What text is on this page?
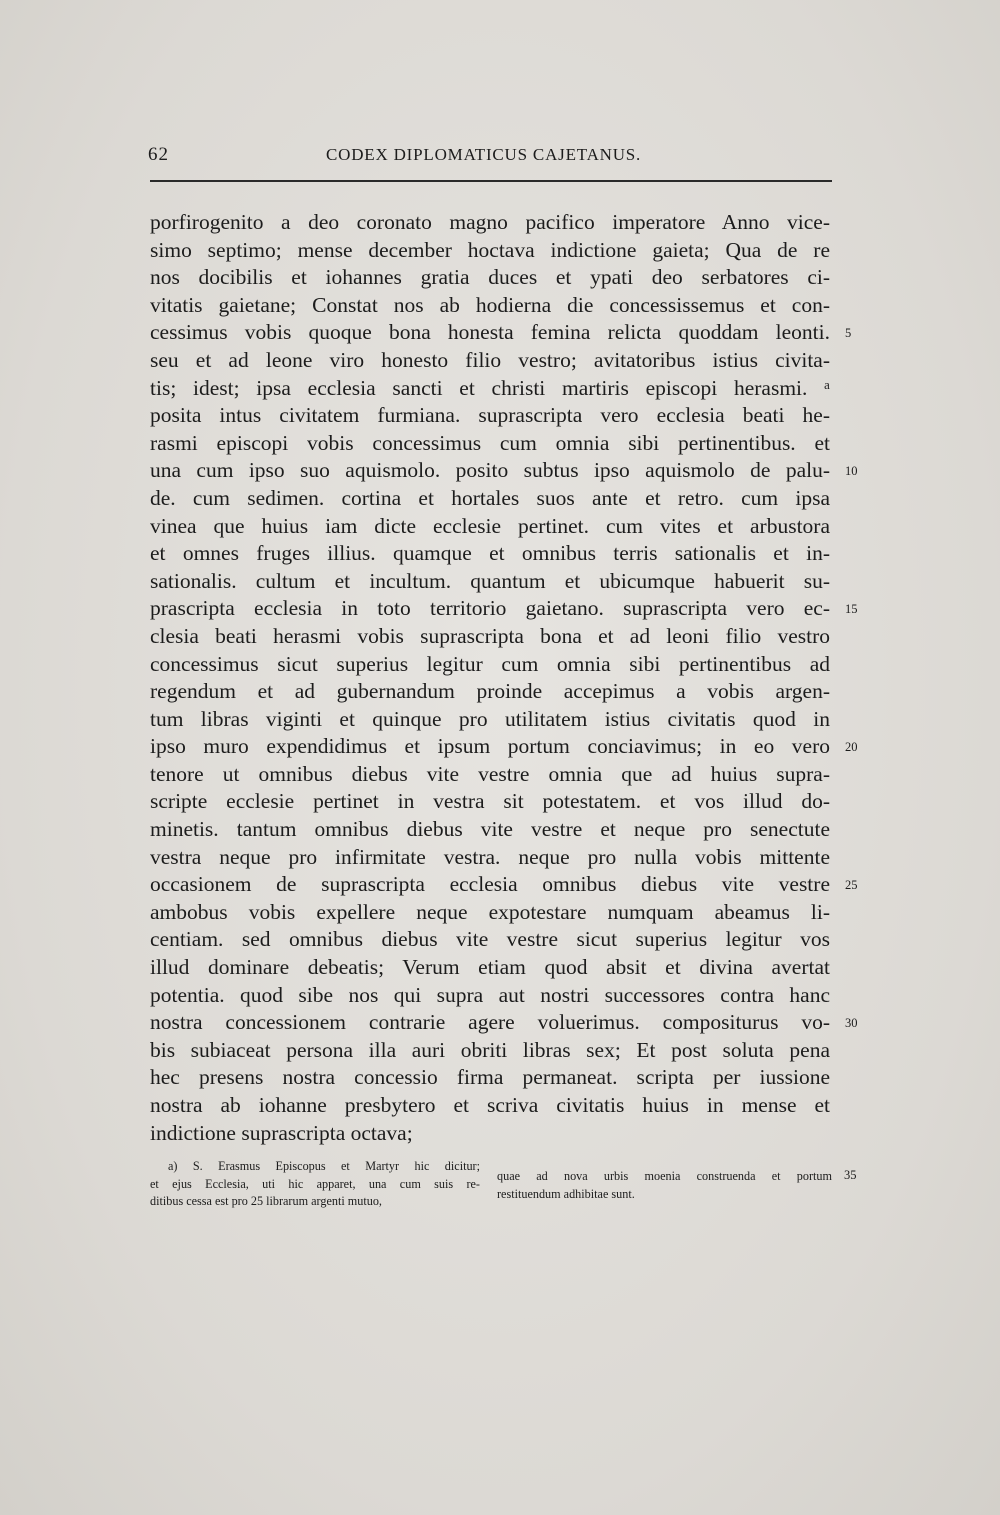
62	CODEX DIPLOMATICUS CAJETANUS.
porfirogenito a deo coronato magno pacifico imperatore Anno vice-
simo septimo; mense december hoctava indictione gaieta; Qua de re
nos docibilis et iohannes gratia duces et ypati deo serbatores ci-
vitatis gaietane; Constat nos ab hodierna die concessissemus et con-
cessimus vobis quoque bona honesta femina relicta quoddam leonti. 5
seu et ad leone viro honesto filio vestro; avitatoribus istius civita-
tis; idest; ipsa ecclesia sancti et christi martiris episcopi herasmi. ᵃ
posita intus civitatem furmiana. suprascripta vero ecclesia beati he-
rasmi episcopi vobis concessimus cum omnia sibi pertinentibus. et
una cum ipso suo aquismolo. posito subtus ipso aquismolo de palu- 10
de. cum sedimen. cortina et hortales suos ante et retro. cum ipsa
vinea que huius iam dicte ecclesie pertinet. cum vites et arbustora
et omnes fruges illius. quamque et omnibus terris sationalis et in-
sationalis. cultum et incultum. quantum et ubicumque habuerit su-
prascripta ecclesia in toto territorio gaietano. suprascripta vero ec- 15
clesia beati herasmi vobis suprascripta bona et ad leoni filio vestro
concessimus sicut superius legitur cum omnia sibi pertinentibus ad
regendum et ad gubernandum proinde accepimus a vobis argen-
tum libras viginti et quinque pro utilitatem istius civitatis quod in
ipso muro expendidimus et ipsum portum conciavimus; in eo vero 20
tenore ut omnibus diebus vite vestre omnia que ad huius supra-
scripte ecclesie pertinet in vestra sit potestatem. et vos illud do-
minetis. tantum omnibus diebus vite vestre et neque pro senectute
vestra neque pro infirmitate vestra. neque pro nulla vobis mittente
occasionem de suprascripta ecclesia omnibus diebus vite vestre 25
ambobus vobis expellere neque expotestare numquam abeamus li-
centiam. sed omnibus diebus vite vestre sicut superius legitur vos
illud dominare debeatis; Verum etiam quod absit et divina avertat
potentia. quod sibe nos qui supra aut nostri successores contra hanc
nostra concessionem contrarie agere voluerimus. compositurus vo- 30
bis subiaceat persona illa auri obriti libras sex; Et post soluta pena
hec presens nostra concessio firma permaneat. scripta per iussione
nostra ab iohanne presbytero et scriva civitatis huius in mense et
indictione suprascripta octava;
a) S. Erasmus Episcopus et Martyr hic dicitur;
et ejus Ecclesia, uti hic apparet, una cum suis re-
ditibus cessa est pro 25 librarum argenti mutuo,
quae ad nova urbis moenia construenda et portum
restituendum adhibitae sunt.
35
